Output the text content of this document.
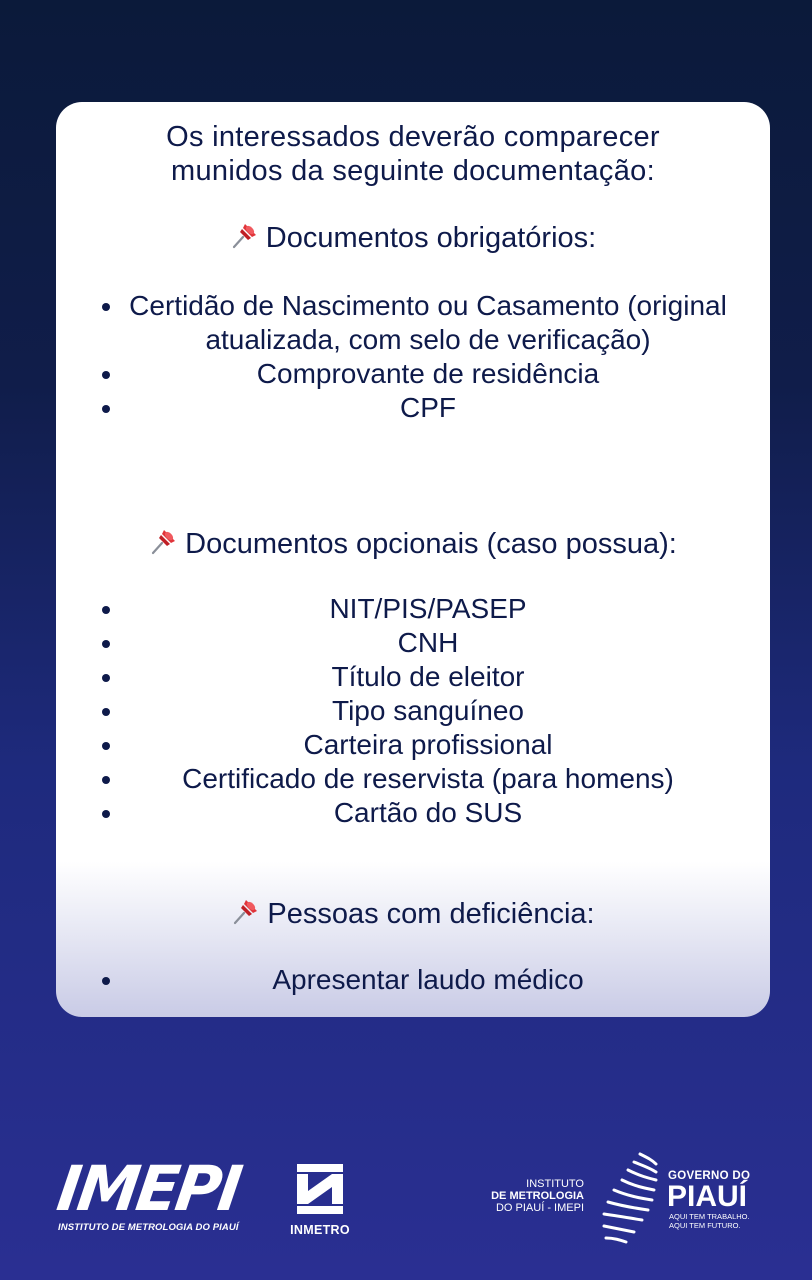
Os interessados deverão comparecer
munidos da seguinte documentação:
Documentos obrigatórios:
Certidão de Nascimento ou Casamento (original atualizada, com selo de verificação)
Comprovante de residência
CPF
Documentos opcionais (caso possua):
NIT/PIS/PASEP
CNH
Título de eleitor
Tipo sanguíneo
Carteira profissional
Certificado de reservista (para homens)
Cartão do SUS
Pessoas com deficiência:
Apresentar laudo médico
IMEPI
INSTITUTO DE METROLOGIA DO PIAUÍ	INMETRO
INSTITUTO
DE METROLOGIA
DO PIAUÍ - IMEPI
GOVERNO DO
PIAUÍ
AQUI TEM TRABALHO.
AQUI TEM FUTURO.
